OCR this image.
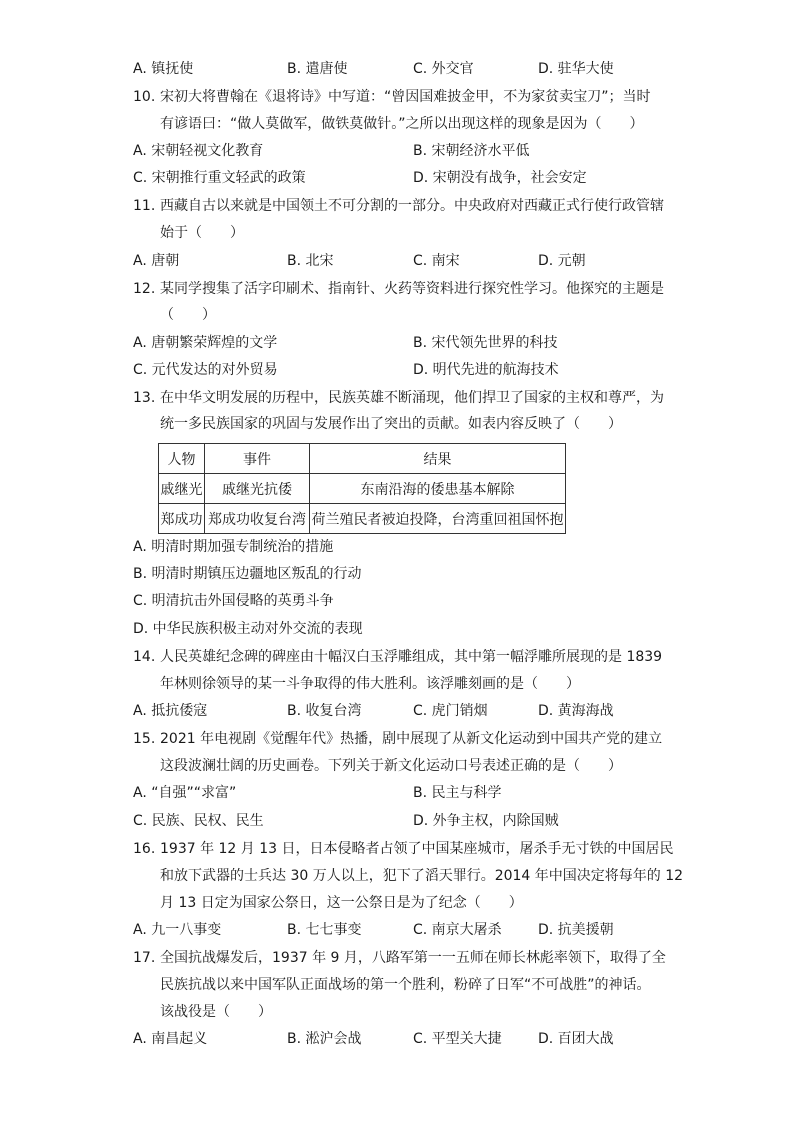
A. 镇抚使	B. 遣唐使	C. 外交官	D. 驻华大使
10. 宋初大将曹翰在《退将诗》中写道：“曾因国难披金甲，不为家贫卖宝刀”；当时
有谚语曰：“做人莫做军，做铁莫做针。”之所以出现这样的现象是因为（　　）
A. 宋朝轻视文化教育	B. 宋朝经济水平低
C. 宋朝推行重文轻武的政策	D. 宋朝没有战争，社会安定
11. 西藏自古以来就是中国领土不可分割的一部分。中央政府对西藏正式行使行政管辖
始于（　　）
A. 唐朝	B. 北宋	C. 南宋	D. 元朝
12. 某同学搜集了活字印刷术、指南针、火药等资料进行探究性学习。他探究的主题是
（　　）
A. 唐朝繁荣辉煌的文学	B. 宋代领先世界的科技
C. 元代发达的对外贸易	D. 明代先进的航海技术
13. 在中华文明发展的历程中，民族英雄不断涌现，他们捍卫了国家的主权和尊严，为
统一多民族国家的巩固与发展作出了突出的贡献。如表内容反映了（　　）
人物	事件	结果
戚继光	戚继光抗倭	东南沿海的倭患基本解除
郑成功	郑成功收复台湾	荷兰殖民者被迫投降，台湾重回祖国怀抱
A. 明清时期加强专制统治的措施
B. 明清时期镇压边疆地区叛乱的行动
C. 明清抗击外国侵略的英勇斗争
D. 中华民族积极主动对外交流的表现
14. 人民英雄纪念碑的碑座由十幅汉白玉浮雕组成，其中第一幅浮雕所展现的是 1839
年林则徐领导的某一斗争取得的伟大胜利。该浮雕刻画的是（　　）
A. 抵抗倭寇	B. 收复台湾	C. 虎门销烟	D. 黄海海战
15. 2021 年电视剧《觉醒年代》热播，剧中展现了从新文化运动到中国共产党的建立
这段波澜壮阔的历史画卷。下列关于新文化运动口号表述正确的是（　　）
A. “自强”“求富”	B. 民主与科学
C. 民族、民权、民生	D. 外争主权，内除国贼
16. 1937 年 12 月 13 日，日本侵略者占领了中国某座城市，屠杀手无寸铁的中国居民
和放下武器的士兵达 30 万人以上，犯下了滔天罪行。2014 年中国决定将每年的 12
月 13 日定为国家公祭日，这一公祭日是为了纪念（　　）
A. 九一八事变	B. 七七事变	C. 南京大屠杀	D. 抗美援朝
17. 全国抗战爆发后，1937 年 9 月，八路军第一一五师在师长林彪率领下，取得了全
民族抗战以来中国军队正面战场的第一个胜利，粉碎了日军“不可战胜”的神话。
该战役是（　　）
A. 南昌起义	B. 淞沪会战	C. 平型关大捷	D. 百团大战
